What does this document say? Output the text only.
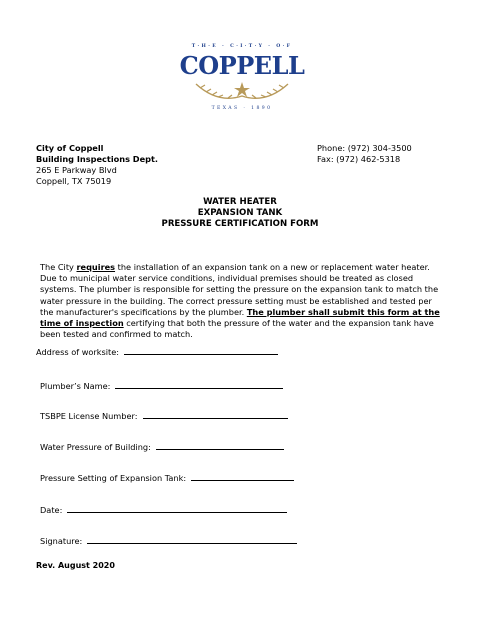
T·H·E · C·I·T·Y · O·F
COPPELL
TEXAS · 1890
City of Coppell
Building Inspections Dept.
265 E Parkway Blvd
Coppell, TX 75019
Phone: (972) 304-3500
Fax: (972) 462-5318
WATER HEATER
EXPANSION TANK
PRESSURE CERTIFICATION FORM

The City requires the installation of an expansion tank on a new or replacement water heater. Due to municipal water service conditions, individual premises should be treated as closed systems. The plumber is responsible for setting the pressure on the expansion tank to match the water pressure in the building. The correct pressure setting must be established and tested per the manufacturer's specifications by the plumber. The plumber shall submit this form at the time of inspection certifying that both the pressure of the water and the expansion tank have been tested and confirmed to match.

Address of worksite:
Plumber’s Name:
TSBPE License Number:
Water Pressure of Building:
Pressure Setting of Expansion Tank:
Date:
Signature:
Rev. August 2020
